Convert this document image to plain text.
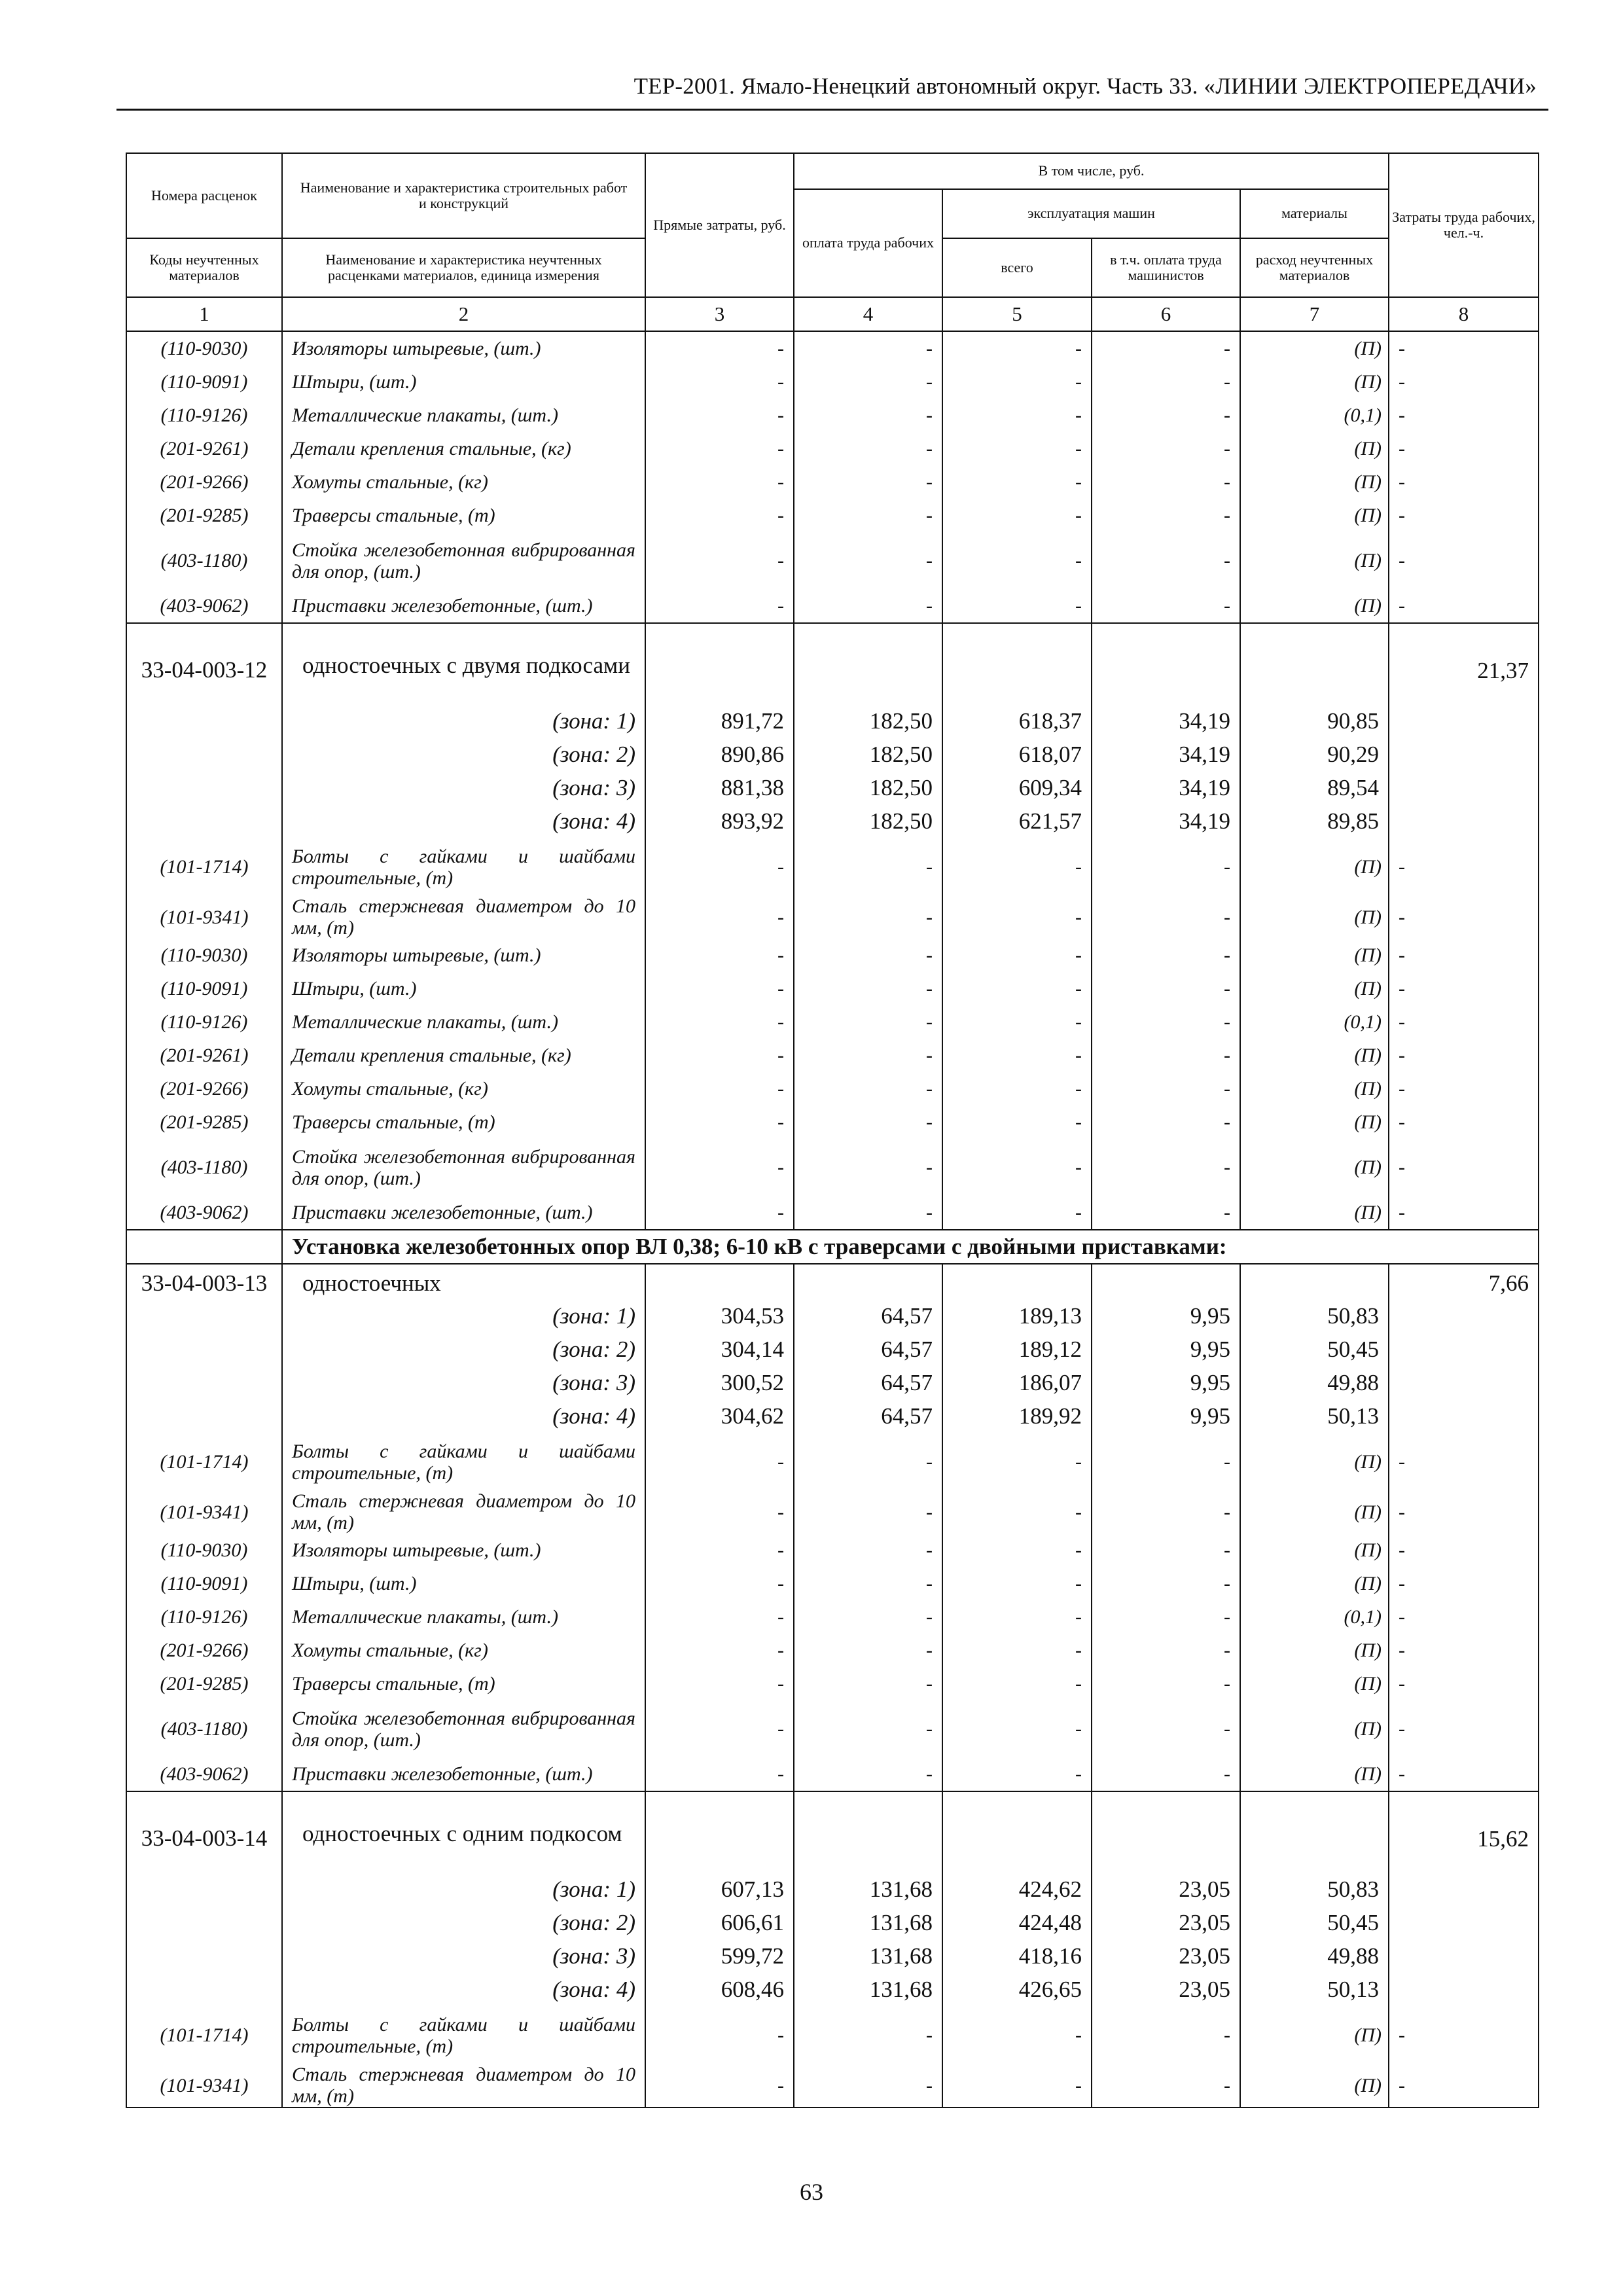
ТЕР-2001. Ямало-Ненецкий автономный округ. Часть 33. «ЛИНИИ ЭЛЕКТРОПЕРЕДАЧИ»
Номера расценок	Наименование и характеристика строительных работ и конструкций	Прямые затраты, руб.	В том числе, руб.				Затраты труда рабочих, чел.-ч.
			оплата труда рабочих	эксплуатация машин		материалы	
Коды неучтенных материалов	Наименование и характеристика неучтенных расценками материалов, единица измерения			всего	в т.ч. оплата труда машинистов	расход неучтенных материалов	
1	2	3	4	5	6	7	8
(110-9030)	Изоляторы штыревые, (шт.)	-	-	-	-	(П)	-
(110-9091)	Штыри, (шт.)	-	-	-	-	(П)	-
(110-9126)	Металлические плакаты, (шт.)	-	-	-	-	(0,1)	-
(201-9261)	Детали крепления стальные, (кг)	-	-	-	-	(П)	-
(201-9266)	Хомуты стальные, (кг)	-	-	-	-	(П)	-
(201-9285)	Траверсы стальные, (т)	-	-	-	-	(П)	-
(403-1180)	Стойка железобетонная вибрированная для опор, (шт.)	-	-	-	-	(П)	-
(403-9062)	Приставки железобетонные, (шт.)	-	-	-	-	(П)	-
33-04-003-12	одностоечных с двумя подкосами						21,37
	(зона: 1)	891,72	182,50	618,37	34,19	90,85	
	(зона: 2)	890,86	182,50	618,07	34,19	90,29	
	(зона: 3)	881,38	182,50	609,34	34,19	89,54	
	(зона: 4)	893,92	182,50	621,57	34,19	89,85	
(101-1714)	Болты с гайками и шайбами строительные, (т)	-	-	-	-	(П)	-
(101-9341)	Сталь стержневая диаметром до 10 мм, (т)	-	-	-	-	(П)	-
(110-9030)	Изоляторы штыревые, (шт.)	-	-	-	-	(П)	-
(110-9091)	Штыри, (шт.)	-	-	-	-	(П)	-
(110-9126)	Металлические плакаты, (шт.)	-	-	-	-	(0,1)	-
(201-9261)	Детали крепления стальные, (кг)	-	-	-	-	(П)	-
(201-9266)	Хомуты стальные, (кг)	-	-	-	-	(П)	-
(201-9285)	Траверсы стальные, (т)	-	-	-	-	(П)	-
(403-1180)	Стойка железобетонная вибрированная для опор, (шт.)	-	-	-	-	(П)	-
(403-9062)	Приставки железобетонные, (шт.)	-	-	-	-	(П)	-
	Установка железобетонных опор ВЛ 0,38; 6-10 кВ с траверсами с двойными приставками:						
33-04-003-13	одностоечных						7,66
	(зона: 1)	304,53	64,57	189,13	9,95	50,83	
	(зона: 2)	304,14	64,57	189,12	9,95	50,45	
	(зона: 3)	300,52	64,57	186,07	9,95	49,88	
	(зона: 4)	304,62	64,57	189,92	9,95	50,13	
(101-1714)	Болты с гайками и шайбами строительные, (т)	-	-	-	-	(П)	-
(101-9341)	Сталь стержневая диаметром до 10 мм, (т)	-	-	-	-	(П)	-
(110-9030)	Изоляторы штыревые, (шт.)	-	-	-	-	(П)	-
(110-9091)	Штыри, (шт.)	-	-	-	-	(П)	-
(110-9126)	Металлические плакаты, (шт.)	-	-	-	-	(0,1)	-
(201-9266)	Хомуты стальные, (кг)	-	-	-	-	(П)	-
(201-9285)	Траверсы стальные, (т)	-	-	-	-	(П)	-
(403-1180)	Стойка железобетонная вибрированная для опор, (шт.)	-	-	-	-	(П)	-
(403-9062)	Приставки железобетонные, (шт.)	-	-	-	-	(П)	-
33-04-003-14	одностоечных с одним подкосом						15,62
	(зона: 1)	607,13	131,68	424,62	23,05	50,83	
	(зона: 2)	606,61	131,68	424,48	23,05	50,45	
	(зона: 3)	599,72	131,68	418,16	23,05	49,88	
	(зона: 4)	608,46	131,68	426,65	23,05	50,13	
(101-1714)	Болты с гайками и шайбами строительные, (т)	-	-	-	-	(П)	-
(101-9341)	Сталь стержневая диаметром до 10 мм, (т)	-	-	-	-	(П)	-
63
